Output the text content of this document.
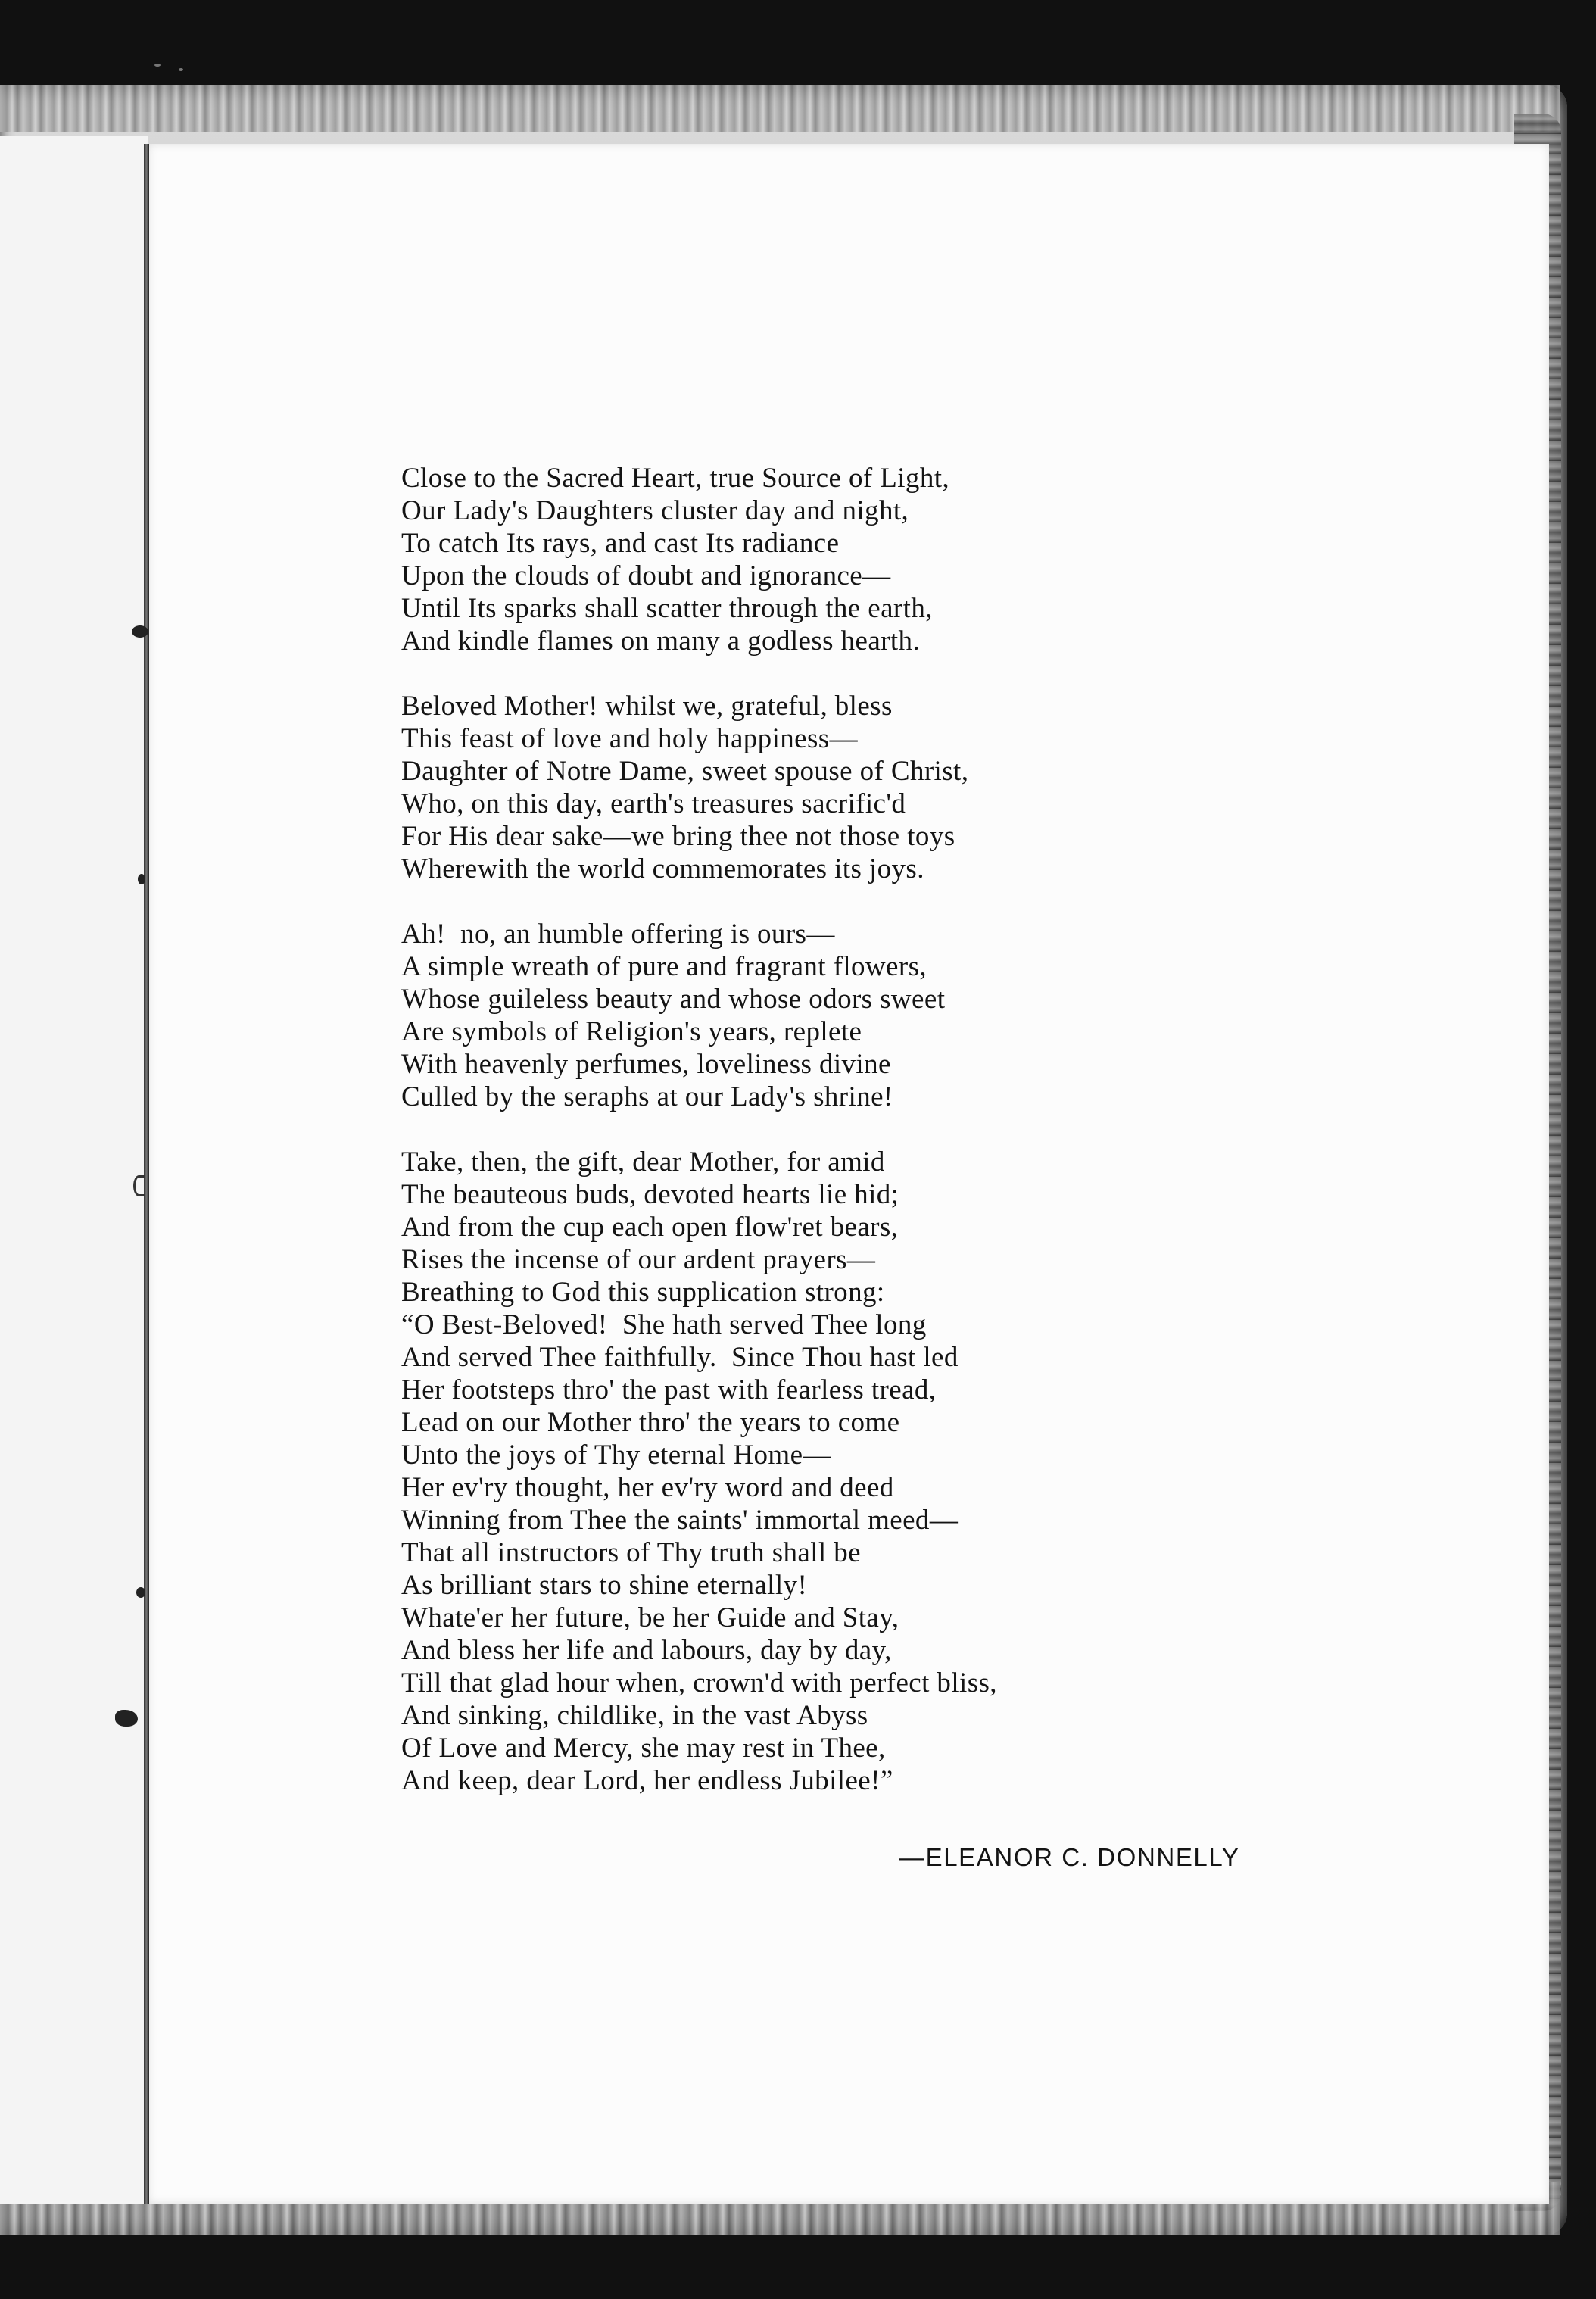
Close to the Sacred Heart, true Source of Light,
Our Lady's Daughters cluster day and night,
To catch Its rays, and cast Its radiance
Upon the clouds of doubt and ignorance—
Until Its sparks shall scatter through the earth,
And kindle flames on many a godless hearth.
Beloved Mother! whilst we, grateful, bless
This feast of love and holy happiness—
Daughter of Notre Dame, sweet spouse of Christ,
Who, on this day, earth's treasures sacrific'd
For His dear sake—we bring thee not those toys
Wherewith the world commemorates its joys.
Ah!  no, an humble offering is ours—
A simple wreath of pure and fragrant flowers,
Whose guileless beauty and whose odors sweet
Are symbols of Religion's years, replete
With heavenly perfumes, loveliness divine
Culled by the seraphs at our Lady's shrine!
Take, then, the gift, dear Mother, for amid
The beauteous buds, devoted hearts lie hid;
And from the cup each open flow'ret bears,
Rises the incense of our ardent prayers—
Breathing to God this supplication strong:
“O Best-Beloved!  She hath served Thee long
And served Thee faithfully.  Since Thou hast led
Her footsteps thro' the past with fearless tread,
Lead on our Mother thro' the years to come
Unto the joys of Thy eternal Home—
Her ev'ry thought, her ev'ry word and deed
Winning from Thee the saints' immortal meed—
That all instructors of Thy truth shall be
As brilliant stars to shine eternally!
Whate'er her future, be her Guide and Stay,
And bless her life and labours, day by day,
Till that glad hour when, crown'd with perfect bliss,
And sinking, childlike, in the vast Abyss
Of Love and Mercy, she may rest in Thee,
And keep, dear Lord, her endless Jubilee!”
—ELEANOR C. DONNELLY
